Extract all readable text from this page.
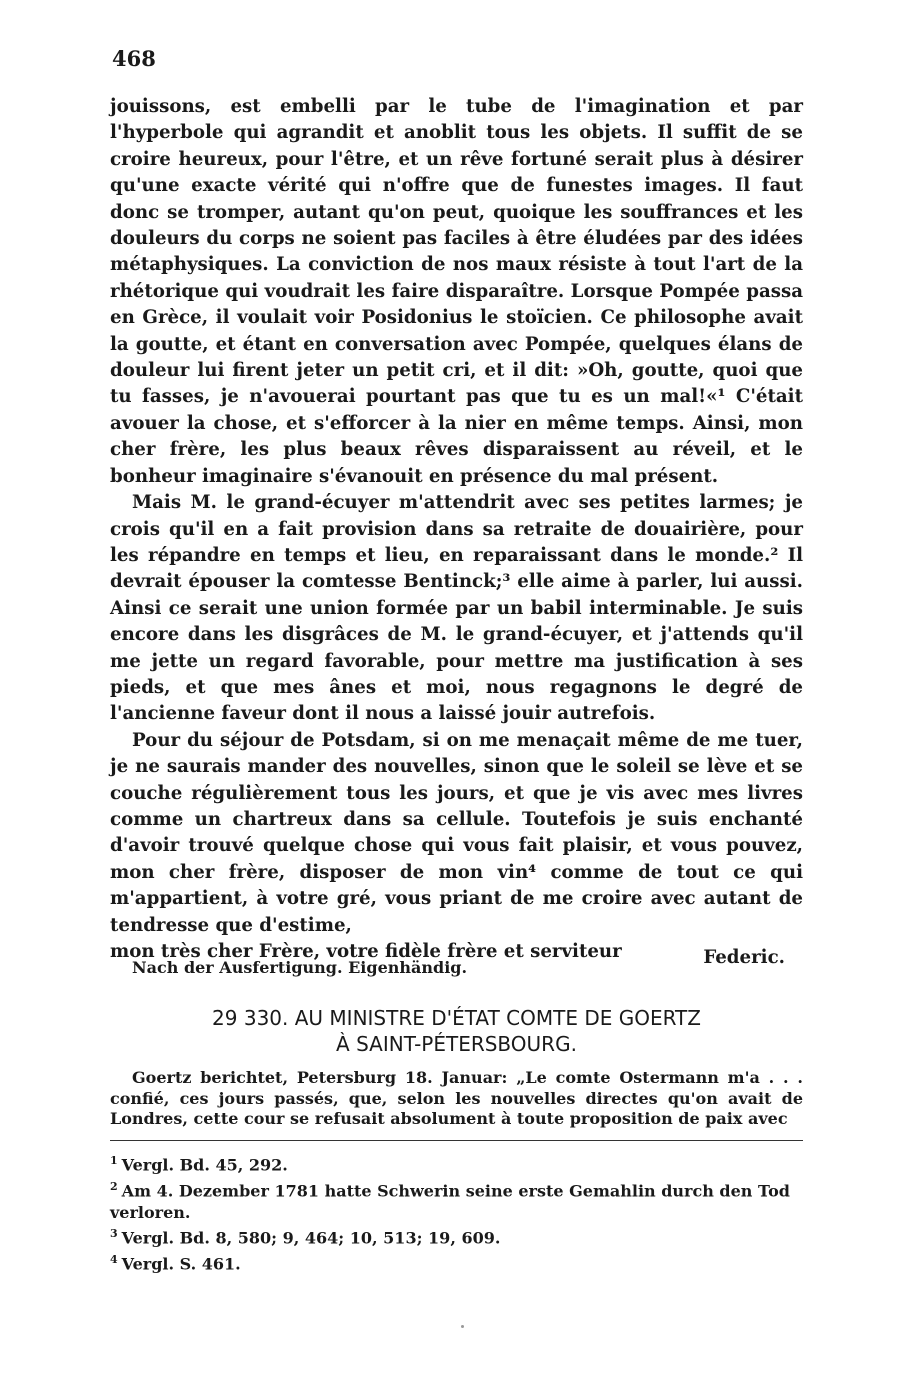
468

jouissons, est embelli par le tube de l'imagination et par l'hyperbole qui agrandit et anoblit tous les objets. Il suffit de se croire heureux, pour l'être, et un rêve fortuné serait plus à désirer qu'une exacte vérité qui n'offre que de funestes images. Il faut donc se tromper, autant qu'on peut, quoique les souffrances et les douleurs du corps ne soient pas faciles à être éludées par des idées métaphysiques. La conviction de nos maux résiste à tout l'art de la rhétorique qui voudrait les faire disparaître. Lorsque Pompée passa en Grèce, il voulait voir Posidonius le stoïcien. Ce philosophe avait la goutte, et étant en conversation avec Pompée, quelques élans de douleur lui firent jeter un petit cri, et il dit: »Oh, goutte, quoi que tu fasses, je n'avouerai pourtant pas que tu es un mal!«¹ C'était avouer la chose, et s'efforcer à la nier en même temps. Ainsi, mon cher frère, les plus beaux rêves disparaissent au réveil, et le bonheur imaginaire s'évanouit en présence du mal présent.

Mais M. le grand-écuyer m'attendrit avec ses petites larmes; je crois qu'il en a fait provision dans sa retraite de douairière, pour les répandre en temps et lieu, en reparaissant dans le monde.² Il devrait épouser la comtesse Bentinck;³ elle aime à parler, lui aussi. Ainsi ce serait une union formée par un babil interminable. Je suis encore dans les disgrâces de M. le grand-écuyer, et j'attends qu'il me jette un regard favorable, pour mettre ma justification à ses pieds, et que mes ânes et moi, nous regagnons le degré de l'ancienne faveur dont il nous a laissé jouir autrefois.

Pour du séjour de Potsdam, si on me menaçait même de me tuer, je ne saurais mander des nouvelles, sinon que le soleil se lève et se couche régulièrement tous les jours, et que je vis avec mes livres comme un chartreux dans sa cellule. Toutefois je suis enchanté d'avoir trouvé quelque chose qui vous fait plaisir, et vous pouvez, mon cher frère, disposer de mon vin⁴ comme de tout ce qui m'appartient, à votre gré, vous priant de me croire avec autant de tendresse que d'estime,

mon très cher Frère, votre fidèle frère et serviteur	Federic.
Nach der Ausfertigung. Eigenhändig.
29 330. AU MINISTRE D'ÉTAT COMTE DE GOERTZ
À SAINT-PÉTERSBOURG.
Goertz berichtet, Petersburg 18. Januar: „Le comte Ostermann m'a . . . confié, ces jours passés, que, selon les nouvelles directes qu'on avait de Londres, cette cour se refusait absolument à toute proposition de paix avec
$^1$ Vergl. Bd. 45, 292.
$^2$ Am 4. Dezember 1781 hatte Schwerin seine erste Gemahlin durch den Tod verloren.
$^3$ Vergl. Bd. 8, 580; 9, 464; 10, 513; 19, 609.
$^4$ Vergl. S. 461.
